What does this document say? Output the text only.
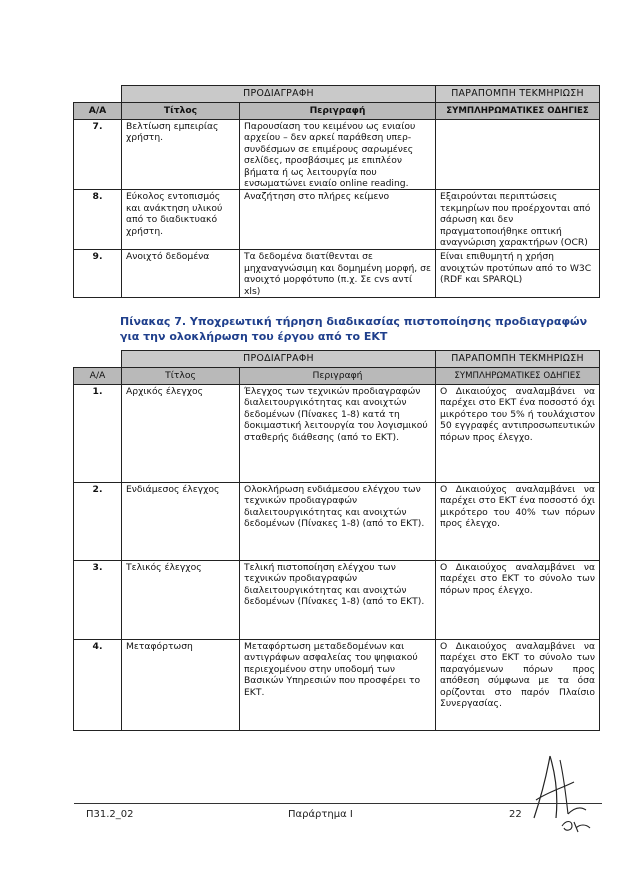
	ΠΡΟΔΙΑΓΡΑΦΗ		ΠΑΡΑΠΟΜΠΗ ΤΕΚΜΗΡΙΩΣΗ

Α/Α	Τίτλος	Περιγραφή	ΣΥΜΠΛΗΡΩΜΑΤΙΚΕΣ ΟΔΗΓΙΕΣ
7.	Βελτίωση εμπειρίας χρήστη.	Παρουσίαση του κειμένου ως ενιαίου αρχείου – δεν αρκεί παράθεση υπερ-συνδέσμων σε επιμέρους σαρωμένες σελίδες, προσβάσιμες με επιπλέον βήματα ή ως λειτουργία που ενσωματώνει ενιαίο online reading.	
8.	Εύκολος εντοπισμός και ανάκτηση υλικού από το διαδικτυακό χρήστη.	Αναζήτηση στο πλήρες κείμενο	Εξαιρούνται περιπτώσεις τεκμηρίων που προέρχονται από σάρωση και δεν πραγματοποιήθηκε οπτική αναγνώριση χαρακτήρων (OCR)
9.	Ανοιχτό δεδομένα	Τα δεδομένα διατίθενται σε μηχαναγνώσιμη και δομημένη μορφή, σε ανοιχτό μορφότυπο (π.χ. Σε cvs αντί xls)	Είναι επιθυμητή η χρήση ανοιχτών προτύπων από το W3C (RDF και SPARQL)
Πίνακας 7. Υποχρεωτική τήρηση διαδικασίας πιστοποίησης προδιαγραφών για την ολοκλήρωση του έργου από το ΕΚΤ

	ΠΡΟΔΙΑΓΡΑΦΗ		ΠΑΡΑΠΟΜΠΗ ΤΕΚΜΗΡΙΩΣΗ

Α/Α	Τίτλος	Περιγραφή	ΣΥΜΠΛΗΡΩΜΑΤΙΚΕΣ ΟΔΗΓΙΕΣ
1.	Αρχικός έλεγχος	Έλεγχος των τεχνικών προδιαγραφών διαλειτουργικότητας και ανοιχτών δεδομένων (Πίνακες 1-8) κατά τη δοκιμαστική λειτουργία του λογισμικού σταθερής διάθεσης (από το ΕΚΤ).	Ο Δικαιούχος αναλαμβάνει να παρέχει στο ΕΚΤ ένα ποσοστό όχι μικρότερο του 5% ή τουλάχιστον 50 εγγραφές αντιπροσωπευτικών πόρων προς έλεγχο.
2.	Ενδιάμεσος έλεγχος	Ολοκλήρωση ενδιάμεσου ελέγχου των τεχνικών προδιαγραφών διαλειτουργικότητας και ανοιχτών δεδομένων (Πίνακες 1-8) (από το ΕΚΤ).	Ο Δικαιούχος αναλαμβάνει να παρέχει στο ΕΚΤ ένα ποσοστό όχι μικρότερο του 40% των πόρων προς έλεγχο.
3.	Τελικός έλεγχος	Τελική πιστοποίηση ελέγχου των τεχνικών προδιαγραφών διαλειτουργικότητας και ανοιχτών δεδομένων (Πίνακες 1-8) (από το ΕΚΤ).	Ο Δικαιούχος αναλαμβάνει να παρέχει στο ΕΚΤ το σύνολο των πόρων προς έλεγχο.
4.	Μεταφόρτωση	Μεταφόρτωση μεταδεδομένων και αντιγράφων ασφαλείας του ψηφιακού περιεχομένου στην υποδομή των Βασικών Υπηρεσιών που προσφέρει το ΕΚΤ.	Ο Δικαιούχος αναλαμβάνει να παρέχει στο ΕΚΤ το σύνολο των παραγόμενων πόρων προς απόθεση σύμφωνα με τα όσα ορίζονται στο παρόν Πλαίσιο Συνεργασίας.
Π31.2_02	Παράρτημα Ι	22
